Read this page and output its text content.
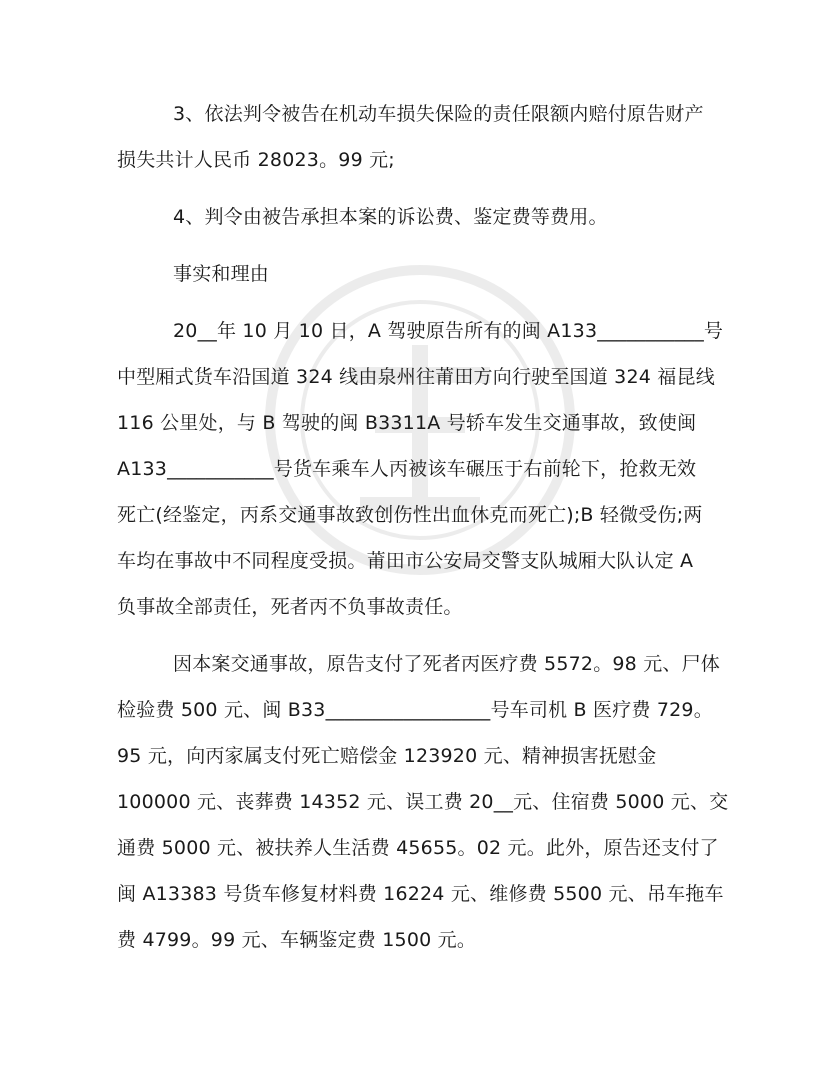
3、依法判令被告在机动车损失保险的责任限额内赔付原告财产

损失共计人民币 28023。99 元;

4、判令由被告承担本案的诉讼费、鉴定费等费用。

事实和理由

20__年 10 月 10 日，A 驾驶原告所有的闽 A133___________号

中型厢式货车沿国道 324 线由泉州往莆田方向行驶至国道 324 福昆线

116 公里处，与 B 驾驶的闽 B3311A 号轿车发生交通事故，致使闽

A133___________号货车乘车人丙被该车碾压于右前轮下，抢救无效

死亡(经鉴定，丙系交通事故致创伤性出血休克而死亡);B 轻微受伤;两

车均在事故中不同程度受损。莆田市公安局交警支队城厢大队认定 A

负事故全部责任，死者丙不负事故责任。

因本案交通事故，原告支付了死者丙医疗费 5572。98 元、尸体

检验费 500 元、闽 B33_________________号车司机 B 医疗费 729。

95 元，向丙家属支付死亡赔偿金 123920 元、精神损害抚慰金

100000 元、丧葬费 14352 元、误工费 20__元、住宿费 5000 元、交

通费 5000 元、被扶养人生活费 45655。02 元。此外，原告还支付了

闽 A13383 号货车修复材料费 16224 元、维修费 5500 元、吊车拖车

费 4799。99 元、车辆鉴定费 1500 元。
